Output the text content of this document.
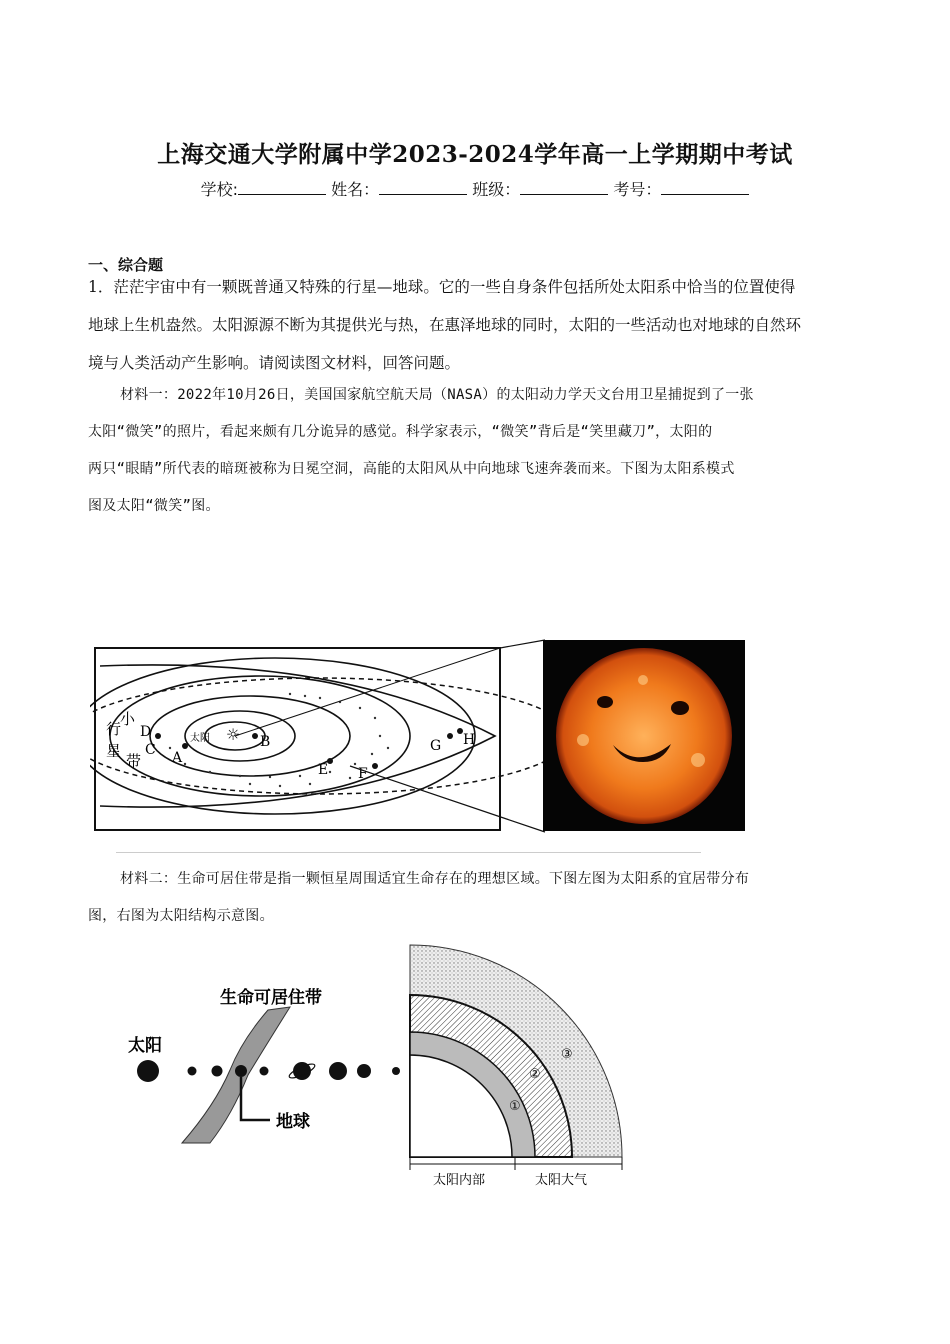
上海交通大学附属中学2023-2024学年高一上学期期中考试
学校:	姓名：	班级：	考号：
一、综合题
1．茫茫宇宙中有一颗既普通又特殊的行星—地球。它的一些自身条件包括所处太阳系中恰当的位置使得
地球上生机盎然。太阳源源不断为其提供光与热，在惠泽地球的同时，太阳的一些活动也对地球的自然环
境与人类活动产生影响。请阅读图文材料，回答问题。
材料一：2022年10月26日，美国国家航空航天局（NASA）的太阳动力学天文台用卫星捕捉到了一张
太阳“微笑”的照片，看起来颇有几分诡异的感觉。科学家表示，“微笑”背后是“笑里藏刀”，太阳的
两只“眼睛”所代表的暗斑被称为日冕空洞，高能的太阳风从中向地球飞速奔袭而来。下图为太阳系模式
图及太阳“微笑”图。
太阳 ☼ B
A
C
D
E F
G H
小
行
星
带
材料二：生命可居住带是指一颗恒星周围适宜生命存在的理想区域。下图左图为太阳系的宜居带分布
图，右图为太阳结构示意图。
生命可居住带
太阳
地球
①
②
③
太阳内部	太阳大气
